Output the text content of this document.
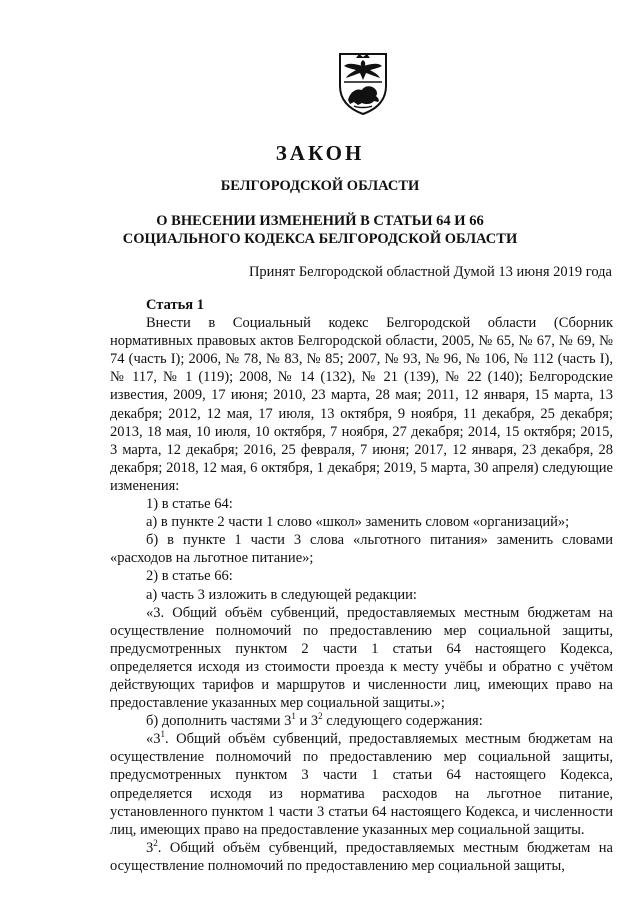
ЗАКОН
БЕЛГОРОДСКОЙ ОБЛАСТИ
О ВНЕСЕНИИ ИЗМЕНЕНИЙ В СТАТЬИ 64 И 66
СОЦИАЛЬНОГО КОДЕКСА БЕЛГОРОДСКОЙ ОБЛАСТИ
Принят Белгородской областной Думой 13 июня 2019 года

Статья 1

Внести в Социальный кодекс Белгородской области (Сборник нормативных правовых актов Белгородской области, 2005, № 65, № 67, № 69, № 74 (часть I); 2006, № 78, № 83, № 85; 2007, № 93, № 96, № 106, № 112 (часть I), № 117, № 1 (119); 2008, № 14 (132), № 21 (139), № 22 (140); Белгородские известия, 2009, 17 июня; 2010, 23 марта, 28 мая; 2011, 12 января, 15 марта, 13 декабря; 2012, 12 мая, 17 июля, 13 октября, 9 ноября, 11 декабря, 25 декабря; 2013, 18 мая, 10 июля, 10 октября, 7 ноября, 27 декабря; 2014, 15 октября; 2015, 3 марта, 12 декабря; 2016, 25 февраля, 7 июня; 2017, 12 января, 23 декабря, 28 декабря; 2018, 12 мая, 6 октября, 1 декабря; 2019, 5 марта, 30 апреля) следующие изменения:

1) в статье 64:

а) в пункте 2 части 1 слово «школ» заменить словом «организаций»;

б) в пункте 1 части 3 слова «льготного питания» заменить словами «расходов на льготное питание»;

2) в статье 66:

а) часть 3 изложить в следующей редакции:

«3. Общий объём субвенций, предоставляемых местным бюджетам на осуществление полномочий по предоставлению мер социальной защиты, предусмотренных пунктом 2 части 1 статьи 64 настоящего Кодекса, определяется исходя из стоимости проезда к месту учёбы и обратно с учётом действующих тарифов и маршрутов и численности лиц, имеющих право на предоставление указанных мер социальной защиты.»;

б) дополнить частями $3^1$ и $3^2$ следующего содержания:

«$3^1$. Общий объём субвенций, предоставляемых местным бюджетам на осуществление полномочий по предоставлению мер социальной защиты, предусмотренных пунктом 3 части 1 статьи 64 настоящего Кодекса, определяется исходя из норматива расходов на льготное питание, установленного пунктом 1 части 3 статьи 64 настоящего Кодекса, и численности лиц, имеющих право на предоставление указанных мер социальной защиты.

$3^2$. Общий объём субвенций, предоставляемых местным бюджетам на осуществление полномочий по предоставлению мер социальной защиты,
